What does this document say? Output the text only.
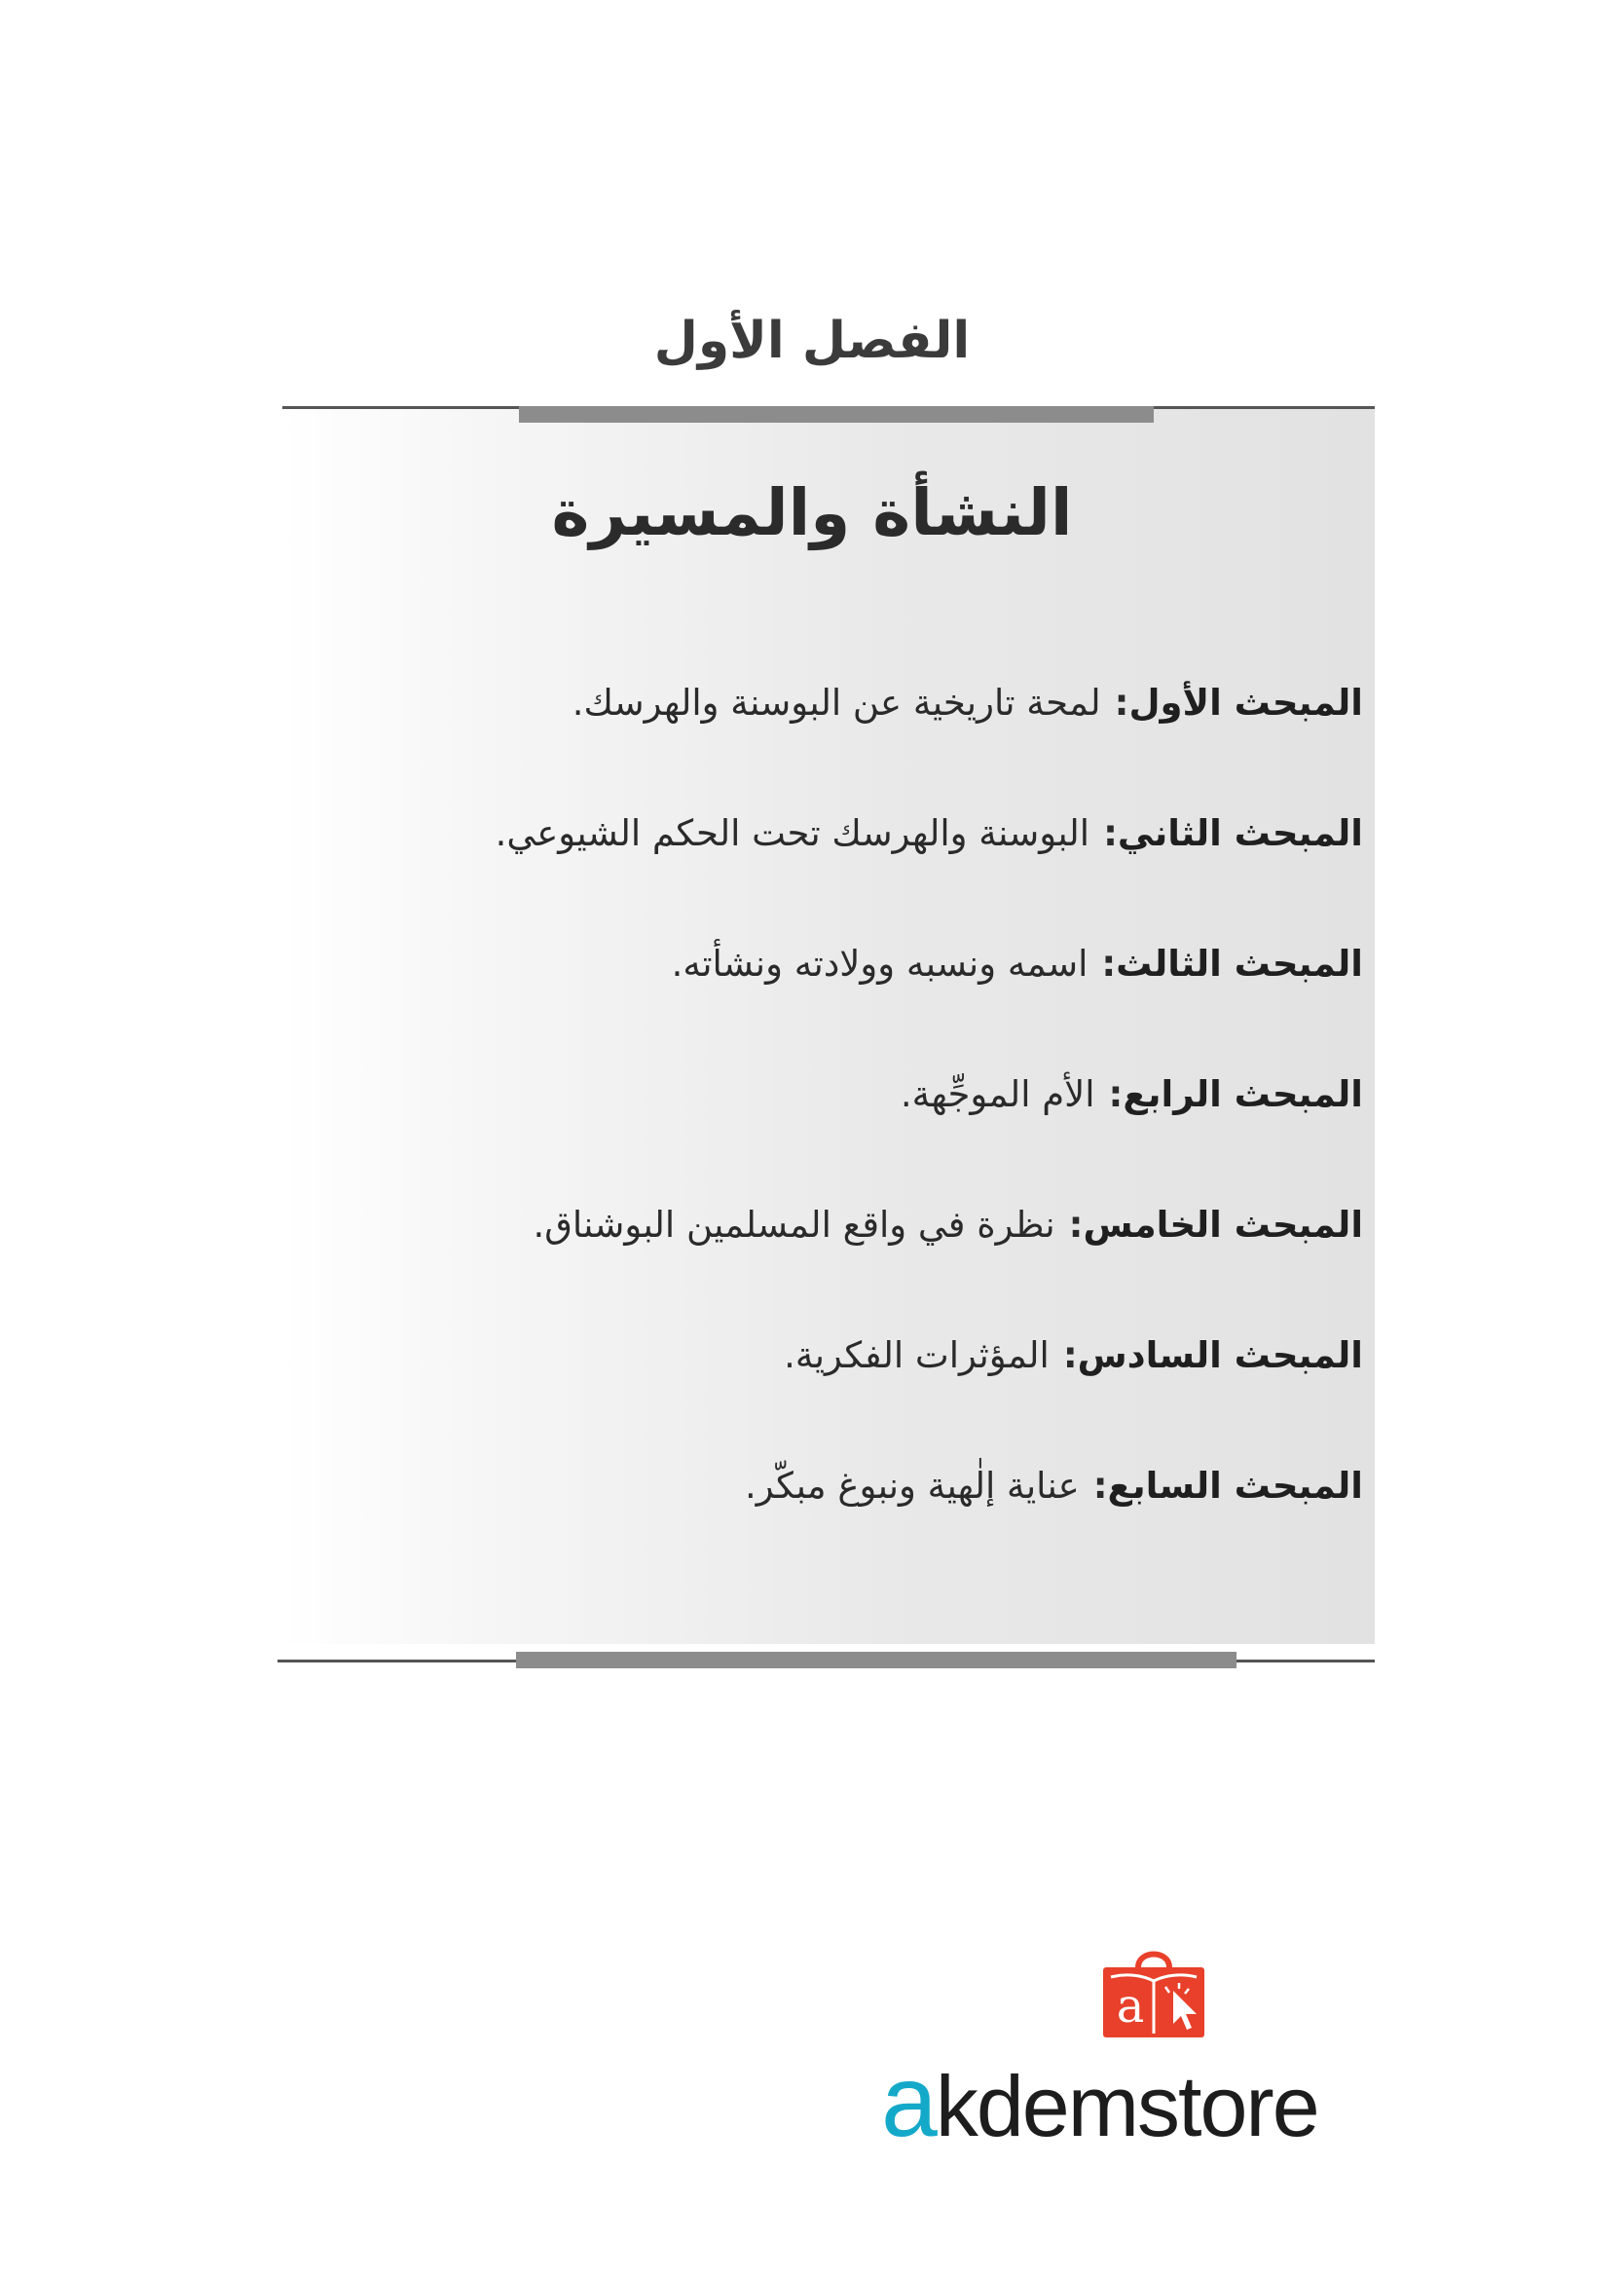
الفصل الأول
النشأة والمسيرة
المبحث الأول:لمحة تاريخية عن البوسنة والهرسك.
المبحث الثاني:البوسنة والهرسك تحت الحكم الشيوعي.
المبحث الثالث:اسمه ونسبه وولادته ونشأته.
المبحث الرابع:الأم الموجِّهة.
المبحث الخامس:نظرة في واقع المسلمين البوشناق.
المبحث السادس:المؤثرات الفكرية.
المبحث السابع:عناية إلٰهية ونبوغ مبكّر.
a
akdemstore
